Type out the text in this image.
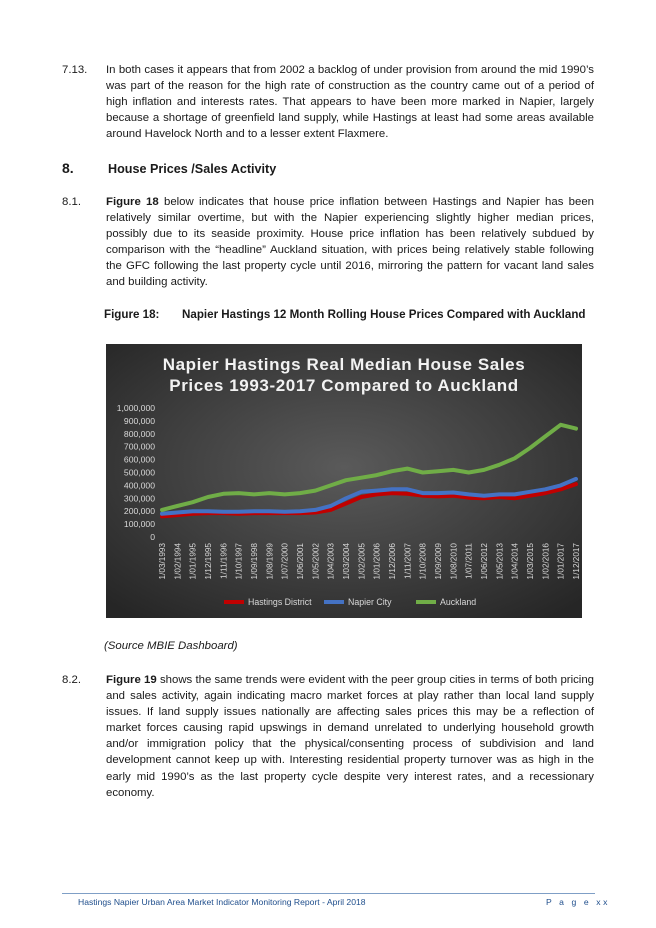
7.13. In both cases it appears that from 2002 a backlog of under provision from around the mid 1990’s was part of the reason for the high rate of construction as the country came out of a period of high inflation and interests rates. That appears to have been more marked in Napier, largely because a shortage of greenfield land supply, while Hastings at least had some areas available around Havelock North and to a lesser extent Flaxmere.
8.	House Prices /Sales Activity
8.1. Figure 18 below indicates that house price inflation between Hastings and Napier has been relatively similar overtime, but with the Napier experiencing slightly higher median prices, possibly due to its seaside proximity. House price inflation has been relatively subdued by comparison with the “headline” Auckland situation, with prices being relatively stable following the GFC following the last property cycle until 2016, mirroring the pattern for vacant land sales and building activity.
Figure 18: Napier Hastings 12 Month Rolling House Prices Compared with Auckland
Napier Hastings Real Median House Sales
Prices 1993-2017 Compared to Auckland
1,000,000
900,000
800,000
700,000
600,000
500,000
400,000
300,000
200,000
100,000
0
1/03/1993 1/02/1994 1/01/1995 1/12/1995 1/11/1996 1/10/1997 1/09/1998 1/08/1999 1/07/2000 1/06/2001 1/05/2002 1/04/2003 1/03/2004 1/02/2005 1/01/2006 1/12/2006 1/11/2007 1/10/2008 1/09/2009 1/08/2010 1/07/2011 1/06/2012 1/05/2013 1/04/2014 1/03/2015 1/02/2016 1/01/2017 1/12/2017
Hastings District	Napier City	Auckland
(Source MBIE Dashboard)
8.2. Figure 19 shows the same trends were evident with the peer group cities in terms of both pricing and sales activity, again indicating macro market forces at play rather than local land supply issues. If land supply issues nationally are affecting sales prices this may be a reflection of market forces causing rapid upswings in demand unrelated to underlying household growth and/or immigration policy that the physical/consenting process of subdivision and land development cannot keep up with. Interesting residential property turnover was as high in the early mid 1990’s as the last property cycle despite very interest rates, and a recessionary economy.
Hastings Napier Urban Area Market Indicator Monitoring Report - April 2018	P a g e xx
